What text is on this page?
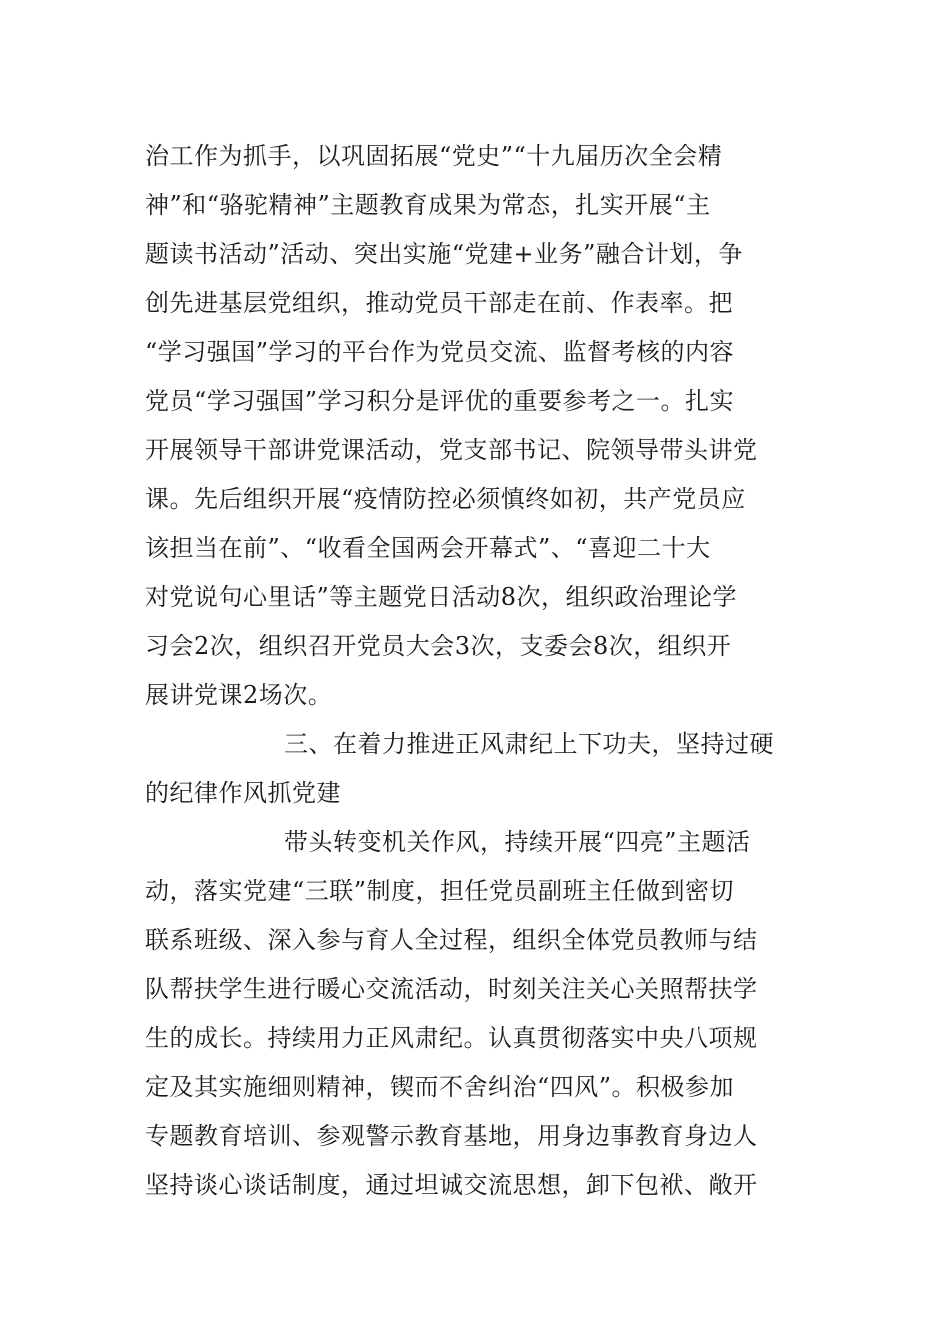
治工作为抓手，以巩固拓展“党史”“十九届历次全会精
神”和“骆驼精神”主题教育成果为常态，扎实开展“主
题读书活动”活动、突出实施“党建+业务”融合计划，争
创先进基层党组织，推动党员干部走在前、作表率。把
“学习强国”学习的平台作为党员交流、监督考核的内容
党员“学习强国”学习积分是评优的重要参考之一。扎实
开展领导干部讲党课活动，党支部书记、院领导带头讲党
课。先后组织开展“疫情防控必须慎终如初，共产党员应
该担当在前”、“收看全国两会开幕式”、“喜迎二十大
对党说句心里话”等主题党日活动8次，组织政治理论学
习会2次，组织召开党员大会3次，支委会8次，组织开
展讲党课2场次。
三、在着力推进正风肃纪上下功夫，坚持过硬
的纪律作风抓党建
带头转变机关作风，持续开展“四亮”主题活
动，落实党建“三联”制度，担任党员副班主任做到密切
联系班级、深入参与育人全过程，组织全体党员教师与结
队帮扶学生进行暖心交流活动，时刻关注关心关照帮扶学
生的成长。持续用力正风肃纪。认真贯彻落实中央八项规
定及其实施细则精神，锲而不舍纠治“四风”。积极参加
专题教育培训、参观警示教育基地，用身边事教育身边人
坚持谈心谈话制度，通过坦诚交流思想，卸下包袱、敞开
